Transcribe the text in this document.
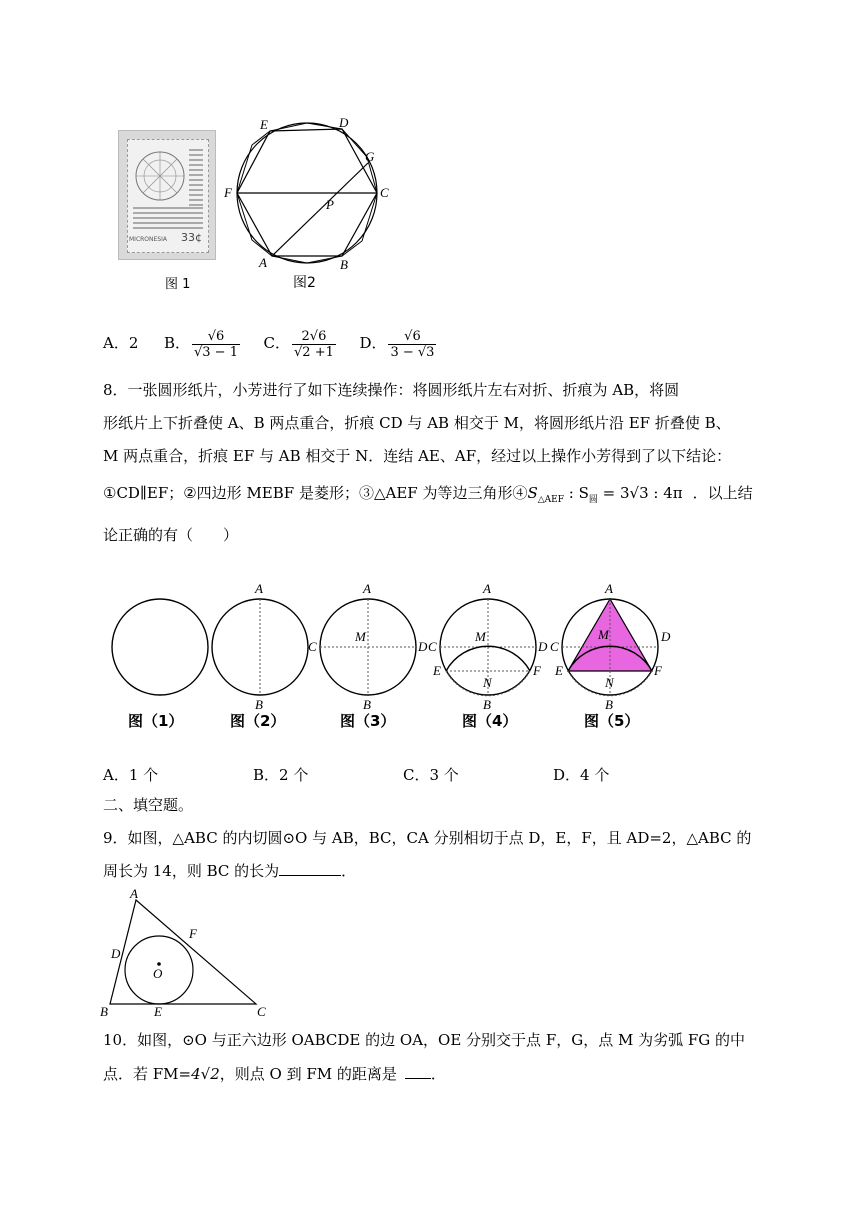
MICRONESIA 33¢
图 1
E	D
G
F	C
P
A	B
图2
A．2 B． $\frac{√6}{√3 - 1}$ C． $\frac{2√6}{√2 +1}$ D． $\frac{√6}{3 - √3}$
8．一张圆形纸片，小芳进行了如下连续操作：将圆形纸片左右对折、折痕为 AB，将圆
形纸片上下折叠使 A、B 两点重合，折痕 CD 与 AB 相交于 M，将圆形纸片沿 EF 折叠使 B、
M 两点重合，折痕 EF 与 AB 相交于 N．连结 AE、AF，经过以上操作小芳得到了以下结论：
①CD∥EF；②四边形 MEBF 是菱形；③△AEF 为等边三角形$④S_{\triangle AEF}$ : $S_圆 = 3√3$ : 4π ．以上结
论正确的有（　　）
A
B
A
B
C	D
M
A
B
C	D
M
E	F
N
A
B
C
D
M
E	F
N
图（1）	图（2）	图（3）	图（4）	图（5）
A．1 个	B．2 个	C．3 个	D．4 个
二、填空题。
9．如图，△ABC 的内切圆⊙O 与 AB，BC，CA 分别相切于点 D，E，F，且 AD=2，△ABC 的
周长为 14，则 BC 的长为	．
A
F
D
O
B	E	C
10．如图，⊙O 与正六边形 OABCDE 的边 OA，OE 分别交于点 F，G，点 M 为劣弧 FG 的中
点．若 FM=4√2，则点 O 到 FM 的距离是 ．
